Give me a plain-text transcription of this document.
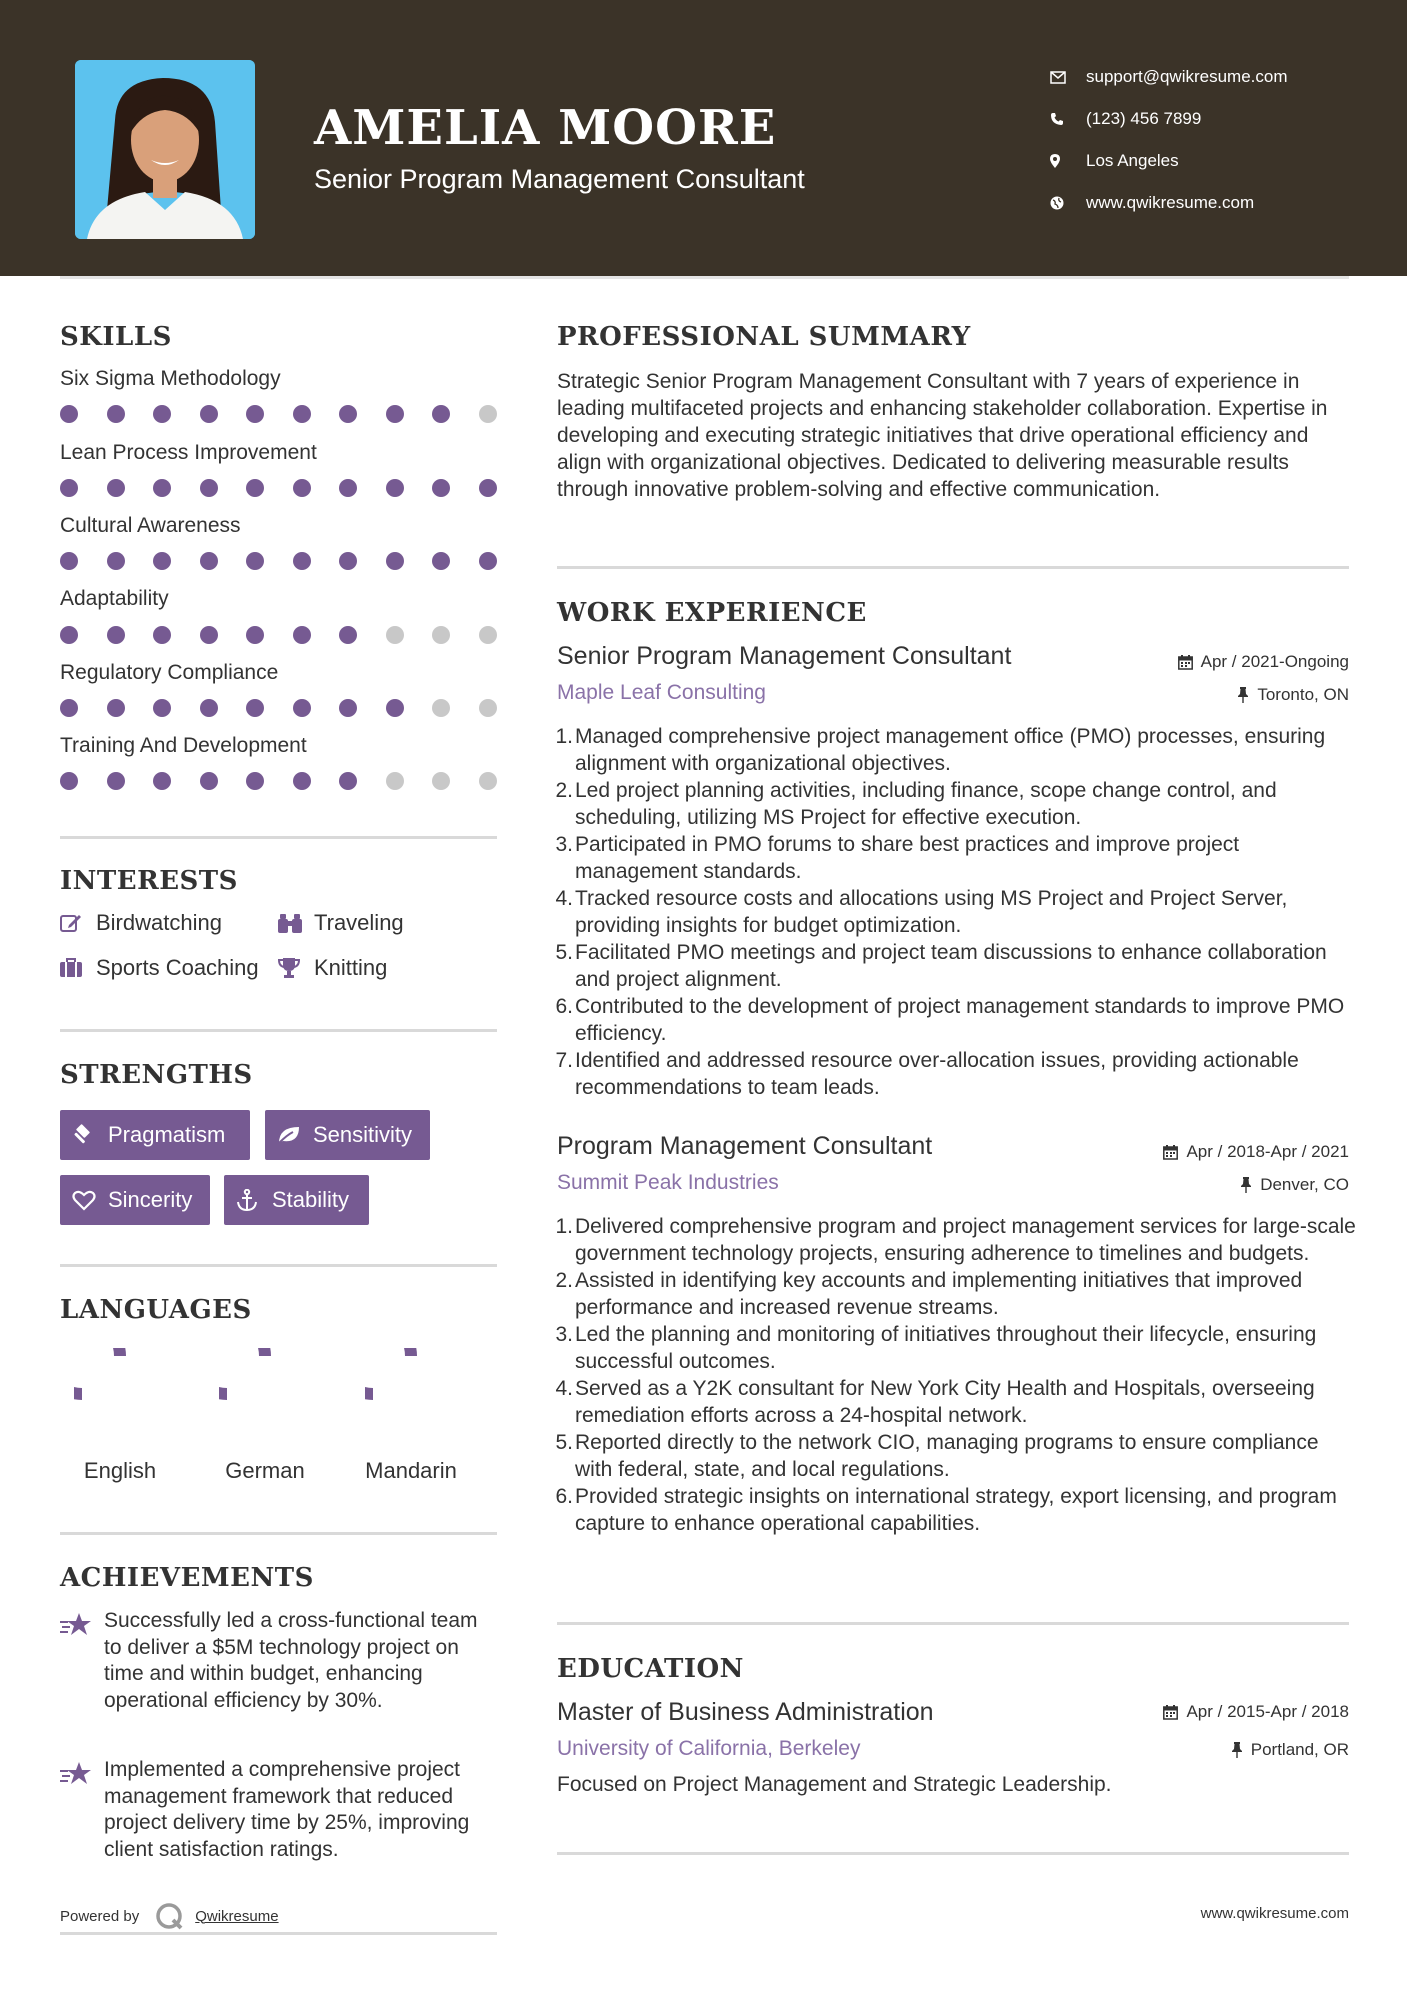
AMELIA MOORE
Senior Program Management Consultant
support@qwikresume.com
(123) 456 7899
Los Angeles
www.qwikresume.com
SKILLS
Six Sigma Methodology
Lean Process Improvement
Cultural Awareness
Adaptability
Regulatory Compliance
Training And Development
INTERESTS
Birdwatching	Traveling
Sports Coaching	Knitting
STRENGTHS
Pragmatism	Sensitivity
Sincerity	Stability
LANGUAGES
English	German	Mandarin
ACHIEVEMENTS
Successfully led a cross-functional team to deliver a $5M technology project on time and within budget, enhancing operational efficiency by 30%.
Implemented a comprehensive project management framework that reduced project delivery time by 25%, improving client satisfaction ratings.
Powered by	Qwikresume
PROFESSIONAL SUMMARY
Strategic Senior Program Management Consultant with 7 years of experience in leading multifaceted projects and enhancing stakeholder collaboration. Expertise in developing and executing strategic initiatives that drive operational efficiency and align with organizational objectives. Dedicated to delivering measurable results through innovative problem-solving and effective communication.
WORK EXPERIENCE
Senior Program Management Consultant	Apr / 2021-Ongoing
Maple Leaf Consulting	Toronto, ON
1. Managed comprehensive project management office (PMO) processes, ensuring alignment with organizational objectives.
2. Led project planning activities, including finance, scope change control, and scheduling, utilizing MS Project for effective execution.
3. Participated in PMO forums to share best practices and improve project management standards.
4. Tracked resource costs and allocations using MS Project and Project Server, providing insights for budget optimization.
5. Facilitated PMO meetings and project team discussions to enhance collaboration and project alignment.
6. Contributed to the development of project management standards to improve PMO efficiency.
7. Identified and addressed resource over-allocation issues, providing actionable recommendations to team leads.
Program Management Consultant	Apr / 2018-Apr / 2021
Summit Peak Industries	Denver, CO
1. Delivered comprehensive program and project management services for large-scale government technology projects, ensuring adherence to timelines and budgets.
2. Assisted in identifying key accounts and implementing initiatives that improved performance and increased revenue streams.
3. Led the planning and monitoring of initiatives throughout their lifecycle, ensuring successful outcomes.
4. Served as a Y2K consultant for New York City Health and Hospitals, overseeing remediation efforts across a 24-hospital network.
5. Reported directly to the network CIO, managing programs to ensure compliance with federal, state, and local regulations.
6. Provided strategic insights on international strategy, export licensing, and program capture to enhance operational capabilities.
EDUCATION
Master of Business Administration	Apr / 2015-Apr / 2018
University of California, Berkeley	Portland, OR
Focused on Project Management and Strategic Leadership.
www.qwikresume.com
